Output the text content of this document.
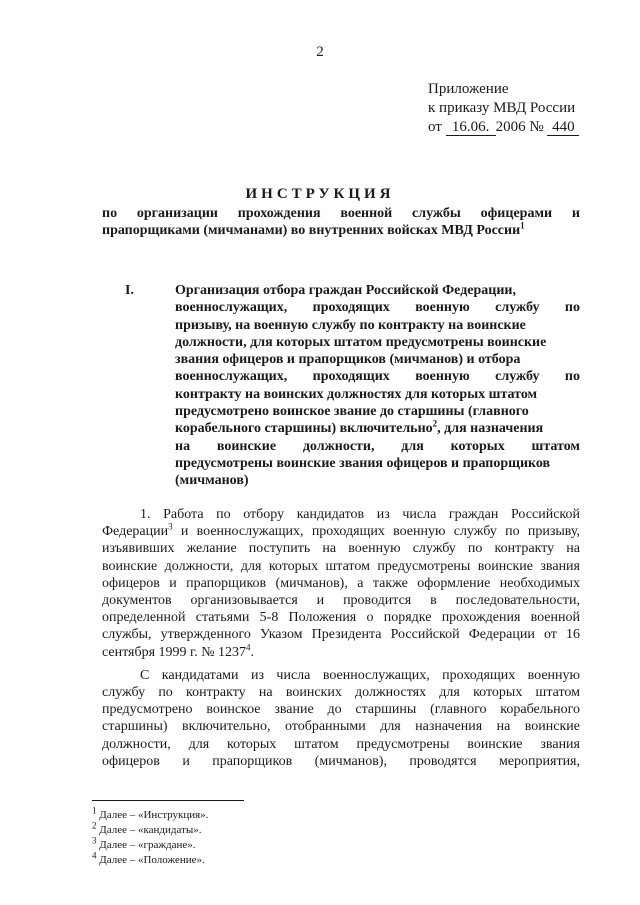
2
Приложение
к приказу МВД России
от 16.06. 2006 № 440
ИНСТРУКЦИЯ
по организации прохождения военной службы офицерами и
прапорщиками (мичманами) во внутренних войсках МВД России$^1$
I.	Организация отбора граждан Российской Федерации,
военнослужащих, проходящих военную службу по
призыву, на военную службу по контракту на воинские
должности, для которых штатом предусмотрены воинские
звания офицеров и прапорщиков (мичманов) и отбора
военнослужащих, проходящих военную службу по
контракту на воинских должностях для которых штатом
предусмотрено воинское звание до старшины (главного
корабельного старшины) включительно$^2$, для назначения
на воинские должности, для которых штатом
предусмотрены воинские звания офицеров и прапорщиков
(мичманов)
1. Работа по отбору кандидатов из числа граждан Российской
Федерации$^3$ и военнослужащих, проходящих военную службу по призыву,
изъявивших желание поступить на военную службу по контракту на
воинские должности, для которых штатом предусмотрены воинские звания
офицеров и прапорщиков (мичманов), а также оформление необходимых
документов организовывается и проводится в последовательности,
определенной статьями 5-8 Положения о порядке прохождения военной
службы, утвержденного Указом Президента Российской Федерации от 16
сентября 1999 г. № 1237$^4$.
С кандидатами из числа военнослужащих, проходящих военную
службу по контракту на воинских должностях для которых штатом
предусмотрено воинское звание до старшины (главного корабельного
старшины) включительно, отобранными для назначения на воинские
должности, для которых штатом предусмотрены воинские звания
офицеров и прапорщиков (мичманов), проводятся мероприятия,
$^1$ Далее – «Инструкция».
$^2$ Далее – «кандидаты».
$^3$ Далее – «граждане».
$^4$ Далее – «Положение».
